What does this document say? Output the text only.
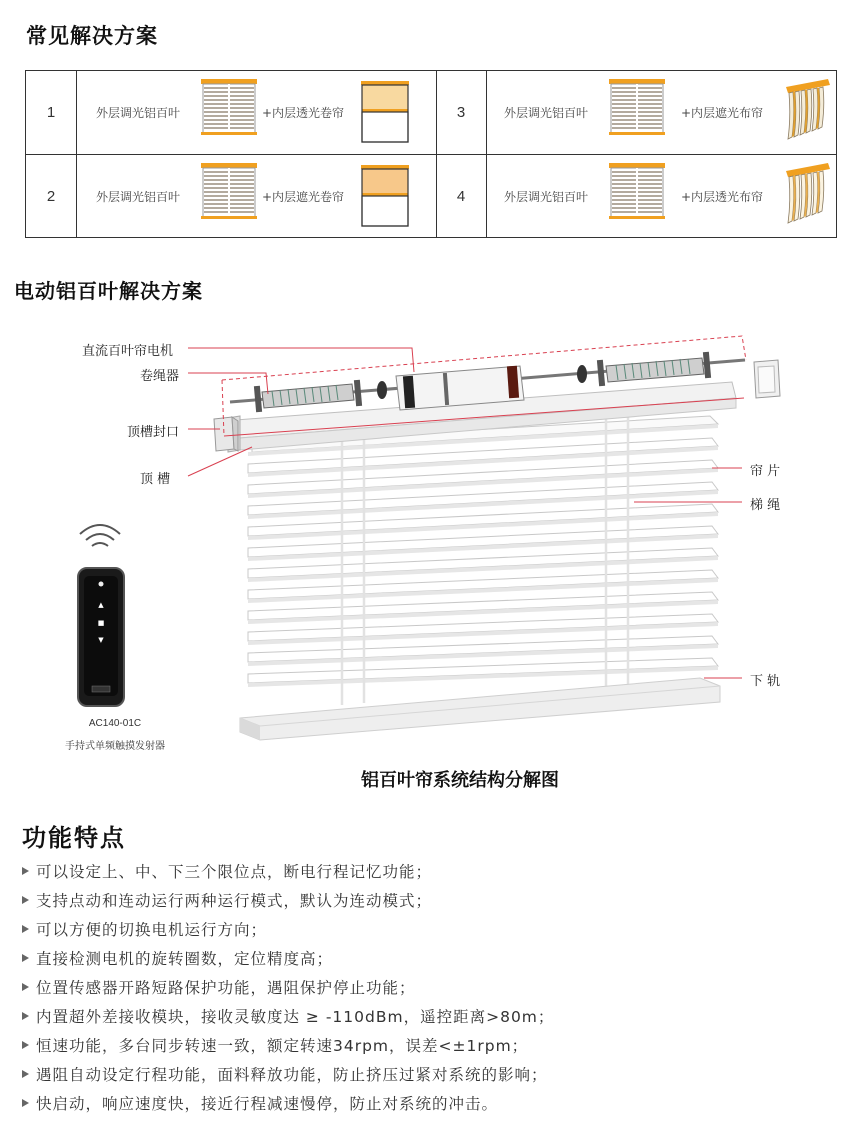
常见解决方案
1	外层调光铝百叶	+内层透光卷帘	3	外层调光铝百叶	+内层遮光布帘
2	外层调光铝百叶	+内层遮光卷帘	4	外层调光铝百叶	+内层透光布帘
电动铝百叶解决方案
▲
■
▼
直流百叶帘电机
卷绳器
顶槽封口
顶 槽
帘 片
梯 绳
下 轨
AC140-01C
手持式单频触摸发射器
铝百叶帘系统结构分解图
功能特点
可以设定上、中、下三个限位点，断电行程记忆功能；
支持点动和连动运行两种运行模式，默认为连动模式；
可以方便的切换电机运行方向；
直接检测电机的旋转圈数，定位精度高；
位置传感器开路短路保护功能，遇阻保护停止功能；
内置超外差接收模块，接收灵敏度达 ≥ -110dBm，遥控距离>80m；
恒速功能，多台同步转速一致，额定转速34rpm，误差<±1rpm；
遇阻自动设定行程功能，面料释放功能，防止挤压过紧对系统的影响；
快启动，响应速度快，接近行程减速慢停，防止对系统的冲击。
